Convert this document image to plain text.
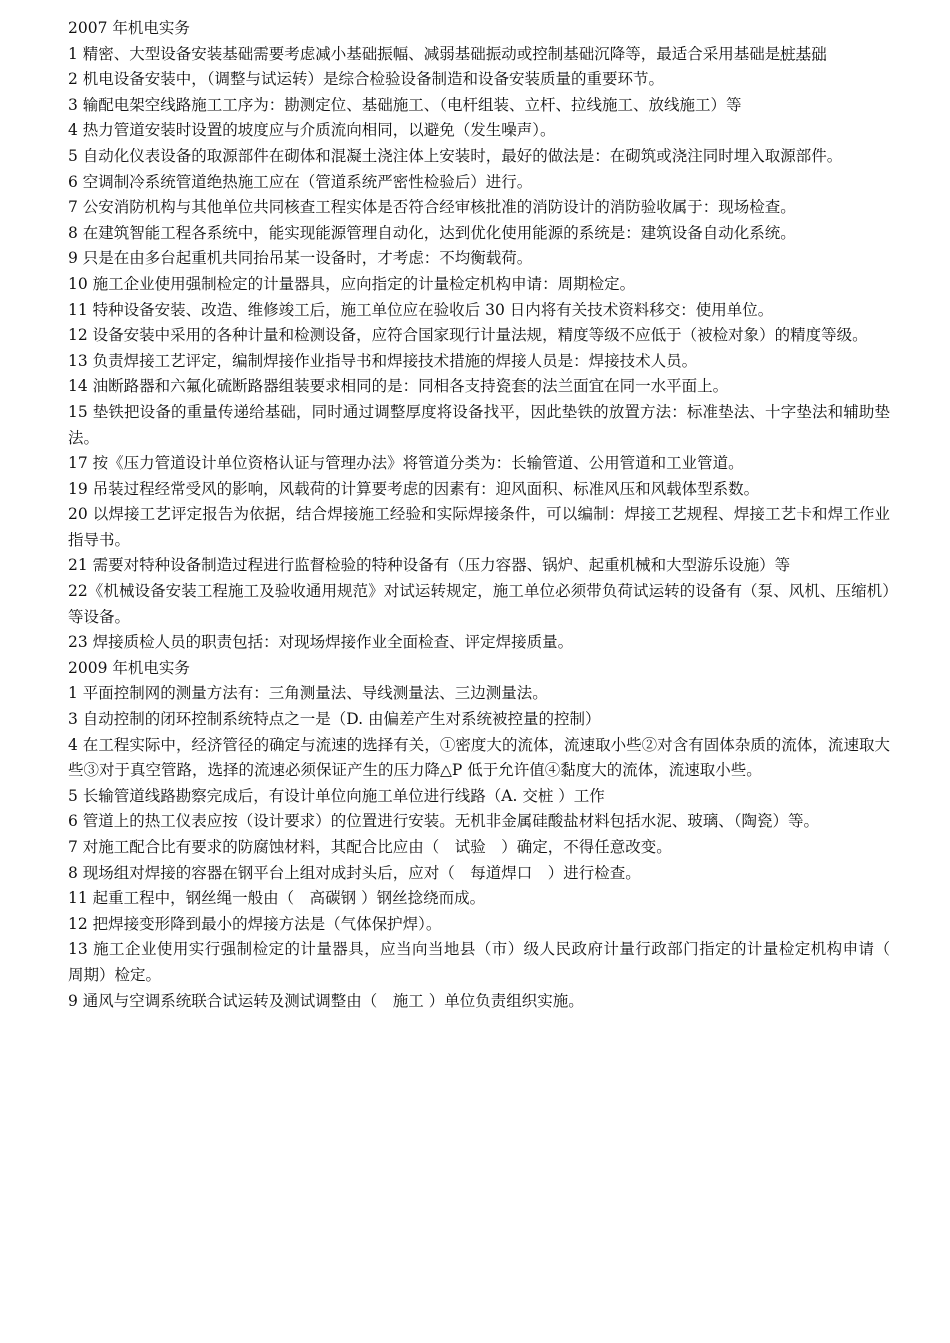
2007 年机电实务

1 精密、大型设备安装基础需要考虑减小基础振幅、减弱基础振动或控制基础沉降等，最适合采用基础是桩基础

2 机电设备安装中，（调整与试运转）是综合检验设备制造和设备安装质量的重要环节。

3 输配电架空线路施工工序为：勘测定位、基础施工、（电杆组装、立杆、拉线施工、放线施工）等

4 热力管道安装时设置的坡度应与介质流向相同，以避免（发生噪声）。

5 自动化仪表设备的取源部件在砌体和混凝土浇注体上安装时，最好的做法是：在砌筑或浇注同时埋入取源部件。

6 空调制冷系统管道绝热施工应在（管道系统严密性检验后）进行。

7 公安消防机构与其他单位共同核查工程实体是否符合经审核批准的消防设计的消防验收属于：现场检查。

8 在建筑智能工程各系统中，能实现能源管理自动化，达到优化使用能源的系统是：建筑设备自动化系统。

9 只是在由多台起重机共同抬吊某一设备时，才考虑：不均衡载荷。

10 施工企业使用强制检定的计量器具，应向指定的计量检定机构申请：周期检定。

11 特种设备安装、改造、维修竣工后，施工单位应在验收后 30 日内将有关技术资料移交：使用单位。

12 设备安装中采用的各种计量和检测设备，应符合国家现行计量法规，精度等级不应低于（被检对象）的精度等级。

13 负责焊接工艺评定，编制焊接作业指导书和焊接技术措施的焊接人员是：焊接技术人员。

14 油断路器和六氟化硫断路器组装要求相同的是：同相各支持瓷套的法兰面宜在同一水平面上。

15 垫铁把设备的重量传递给基础，同时通过调整厚度将设备找平，因此垫铁的放置方法：标准垫法、十字垫法和辅助垫法。

17 按《压力管道设计单位资格认证与管理办法》将管道分类为：长输管道、公用管道和工业管道。

19 吊装过程经常受风的影响，风载荷的计算要考虑的因素有：迎风面积、标准风压和风载体型系数。

20 以焊接工艺评定报告为依据，结合焊接施工经验和实际焊接条件，可以编制：焊接工艺规程、焊接工艺卡和焊工作业指导书。

21 需要对特种设备制造过程进行监督检验的特种设备有（压力容器、锅炉、起重机械和大型游乐设施）等

22《机械设备安装工程施工及验收通用规范》对试运转规定，施工单位必须带负荷试运转的设备有（泵、风机、压缩机）等设备。

23 焊接质检人员的职责包括：对现场焊接作业全面检查、评定焊接质量。

2009 年机电实务

1 平面控制网的测量方法有：三角测量法、导线测量法、三边测量法。

3 自动控制的闭环控制系统特点之一是（D. 由偏差产生对系统被控量的控制）

4 在工程实际中，经济管径的确定与流速的选择有关，①密度大的流体，流速取小些②对含有固体杂质的流体，流速取大些③对于真空管路，选择的流速必须保证产生的压力降△P 低于允许值④黏度大的流体，流速取小些。

5 长输管道线路勘察完成后，有设计单位向施工单位进行线路（A. 交桩 ）工作

6 管道上的热工仪表应按（设计要求）的位置进行安装。无机非金属硅酸盐材料包括水泥、玻璃、（陶瓷）等。

7 对施工配合比有要求的防腐蚀材料，其配合比应由（　试验　）确定，不得任意改变。

8 现场组对焊接的容器在钢平台上组对成封头后，应对（　每道焊口　）进行检查。

11 起重工程中，钢丝绳一般由（　高碳钢 ）钢丝捻绕而成。

12 把焊接变形降到最小的焊接方法是（气体保护焊）。

13 施工企业使用实行强制检定的计量器具，应当向当地县（市）级人民政府计量行政部门指定的计量检定机构申请（　周期）检定。

9 通风与空调系统联合试运转及测试调整由（　施工 ）单位负责组织实施。
